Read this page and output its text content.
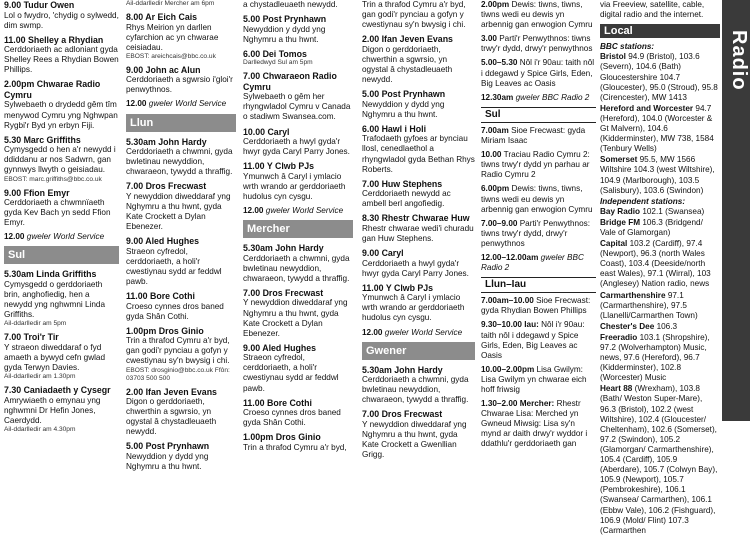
9.00 Tudur Owen
Lol o fwydro, 'chydig o sylwedd, dim swmp.
11.00 Shelley a Rhydian
Cerddoriaeth ac adloniant gyda Shelley Rees a Rhydian Bowen Phillips.
2.00pm Chwarae Radio Cymru
Sylwebaeth o drydedd gêm tîm menywod Cymru yng Nghwpan Rygbi'r Byd yn erbyn Fiji.
5.30 Marc Griffiths
Cymysgedd o hen a'r newydd i ddiddanu ar nos Sadwrn, gan gynnwys llwyth o geisiadau.
EBOST: marc.griffiths@bbc.co.uk
9.00 Ffion Emyr
Cerddoriaeth a chwmnïaeth gyda Kev Bach yn sedd Ffion Emyr.
12.00 gweler World Service
Sul
5.30am Linda Griffiths
Cymysgedd o gerddoriaeth brin, anghofiedig, hen a newydd yng nghwmni Linda Griffiths.
Ail-ddarlledir am 5pm
7.00 Troi'r Tir
Y straeon diweddaraf o fyd amaeth a bywyd cefn gwlad gyda Terwyn Davies.
Ail-ddarlledir am 1.30pm
7.30 Caniadaeth y Cysegr
Amrywiaeth o emynau yng nghwmni Dr Hefin Jones, Caerdydd.
Ail-ddarlledir am 4.30pm
Ail-ddarlledir Mercher am 6pm
8.00 Ar Eich Cais
Rhys Meirion yn darllen cyfarchion ac yn chwarae ceisiadau.
EBOST: areichcais@bbc.co.uk
9.00 John ac Alun
Cerddoriaeth a sgwrsio i'gloi'r penwythnos.
12.00 gweler World Service
Llun
5.30am John Hardy
Cerddoriaeth a chwmni, gyda bwletinau newyddion, chwaraeon, tywydd a thraffig.
7.00 Dros Frecwast
Y newyddion diweddaraf yng Nghymru a thu hwnt, gyda Kate Crockett a Dylan Ebenezer.
9.00 Aled Hughes
Straeon cyfredol, cerddoriaeth, a holi'r cwestiynau sydd ar feddwl pawb.
11.00 Bore Cothi
Croeso cynnes dros baned gyda Shân Cothi.
1.00pm Dros Ginio
Trin a thrafod Cymru a'r byd, gan godi'r pynciau a gofyn y cwestiynau sy'n bwysig i chi.
EBOST: drosginio@bbc.co.uk Ffôn: 03703 500 500
2.00 Ifan Jeven Evans
Digon o gerddoriaeth, chwerthin a sgwrsio, yn ogystal â chystadleuaeth newydd.
5.00 Post Prynhawn
Newyddion y dydd yng Nghymru a thu hwnt.
a chystadleuaeth newydd.
5.00 Post Prynhawn
Newyddion y dydd yng Nghymru a thu hwnt.
6.00 Dei Tomos
Darlledwyd Sul am 5pm
7.00 Chwaraeon Radio Cymru
Sylwebaeth o gêm her rhyngwladol Cymru v Canada o stadiwm Swansea.com.
10.00 Caryl
Cerddoriaeth a hwyl gyda'r hwyr gyda Caryl Parry Jones.
11.00 Y Clwb PJs
Ymunwch â Caryl i ymlacio wrth wrando ar gerddoriaeth hudolus cyn cysgu.
12.00 gweler World Service
Mercher
5.30am John Hardy
Cerddoriaeth a chwmni, gyda bwletinau newyddion, chwaraeon, tywydd a thraffig.
7.00 Dros Frecwast
Y newyddion diweddaraf yng Nghymru a thu hwnt, gyda Kate Crockett a Dylan Ebenezer.
9.00 Aled Hughes
Straeon cyfredol, cerddoriaeth, a holi'r cwestiynau sydd ar feddwl pawb.
11.00 Bore Cothi
Croeso cynnes dros baned gyda Shân Cothi.
1.00pm Dros Ginio
Trin a thrafod Cymru a'r byd,
Trin a thrafod Cymru a'r byd, gan godi'r pynciau a gofyn y cwestiynau sy'n bwysig i chi.
2.00 Ifan Jeven Evans
Digon o gerddoriaeth, chwerthin a sgwrsio, yn ogystal â chystadleuaeth newydd.
5.00 Post Prynhawn
Newyddion y dydd yng Nghymru a thu hwnt.
6.00 Hawl i Holi
Trafodaeth gyfoes ar bynciau llosl, cenedlaethol a rhyngwladol gyda Bethan Rhys Roberts.
7.00 Huw Stephens
Cerddoriaeth newydd ac ambell berl angofiedig.
8.30 Rhestr Chwarae Huw
Rhestr chwarae wedi'i churadu gan Huw Stephens.
9.00 Caryl
Cerddoriaeth a hwyl gyda'r hwyr gyda Caryl Parry Jones.
11.00 Y Clwb PJs
Ymunwch â Caryl i ymlacio wrth wrando ar gerddoriaeth hudolus cyn cysgu.
12.00 gweler World Service
Gwener
5.30am John Hardy
Cerddoriaeth a chwmni, gyda bwletinau newyddion, chwaraeon, tywydd a thraffig.
7.00 Dros Frecwast
Y newyddion diweddaraf yng Nghymru a thu hwnt, gyda Kate Crockett a Gwenllian Grigg.
2.00pm Dewis: tiwns, tiwns, tiwns wedi eu dewis yn arbennig gan enwogion Cymru
3.00 Parti'r Penwythnos: tiwns trwy'r dydd, drwy'r penwythnos
5.00–5.30 Nôl i'r 90au: taith nôl i ddegawd y Spice Girls, Eden, Big Leaves ac Oasis
12.30am gweler BBC Radio 2
Sul
7.00am Sioe Frecwast: gyda Miriam Isaac
10.00 Traciau Radio Cymru 2: tiwns trwy'r dydd yn parhau ar Radio Cymru 2
6.00pm Dewis: tiwns, tiwns, tiwns wedi eu dewis yn arbennig gan enwogion Cymru
7.00–9.00 Parti'r Penwythnos: tiwns trwy'r dydd, drwy'r penwythnos
12.00–12.00am gweler BBC Radio 2
Llun–Iau
7.00am–10.00 Sioe Frecwast: gyda Rhydian Bowen Phillips
9.30–10.00 Iau: Nôl i'r 90au: taith nôl i ddegawd y Spice Girls, Eden, Big Leaves ac Oasis
10.00–2.00pm Lisa Gwilym: Lisa Gwilym yn chwarae eich hoff friwsig
1.30–2.00 Mercher: Rhestr Chwarae Lisa: Merched yn Gwneud Miwsig: Lisa sy'n mynd ar daith drwy'r wyddor i ddathlu'r gerddoriaeth gan
via Freeview, satellite, cable, digital radio and the internet.
Local
BBC stations:
Bristol 94.9 (Bristol), 103.6 (Severn), 104.6 (Bath) Gloucestershire 104.7 (Gloucester), 95.0 (Stroud), 95.8 (Cirencester), MW 1413
Hereford and Worcester 94.7 (Hereford), 104.0 (Worcester & Gt Malvern), 104.6 (Kidderminster), MW 738, 1584 (Tenbury Wells)
Somerset 95.5, MW 1566 Wiltshire 104.3 (west Wiltshire), 104.9 (Marlborough), 103.5 (Salisbury), 103.6 (Swindon)
Independent stations:
Bay Radio 102.1 (Swansea)
Bridge FM 106.3 (Bridgend/ Vale of Glamorgan)
Capital 103.2 (Cardiff), 97.4 (Newport), 96.3 (north Wales Coast), 103.4 (Deeside/north east Wales), 97.1 (Wirral), 103 (Anglesey) Nation radio, news
Carmarthenshire 97.1 (Carmarthenshire), 97.5 (Llanelli/Carmarthen Town)
Chester's Dee 106.3
Freeradio 103.1 (Shropshire), 97.2 (Wolverhampton) Music, news, 97.6 (Hereford), 96.7 (Kidderminster), 102.8 (Worcester) Music
Heart 88 (Wrexham), 103.8 (Bath/ Weston Super-Mare), 96.3 (Bristol), 102.2 (west Wiltshire), 102.4 (Gloucester/ Cheltenham), 102.6 (Somerset), 97.2 (Swindon), 105.2 (Glamorgan/ Carmarthenshire), 105.4 (Cardiff), 105.9 (Aberdare), 105.7 (Colwyn Bay), 105.9 (Newport), 105.7 (Pembrokeshire), 106.1 (Swansea/ Carmarthen), 106.1 (Ebbw Vale), 106.2 (Fishguard), 106.9 (Mold/ Flint) 107.3 (Carmarthen
Radio
